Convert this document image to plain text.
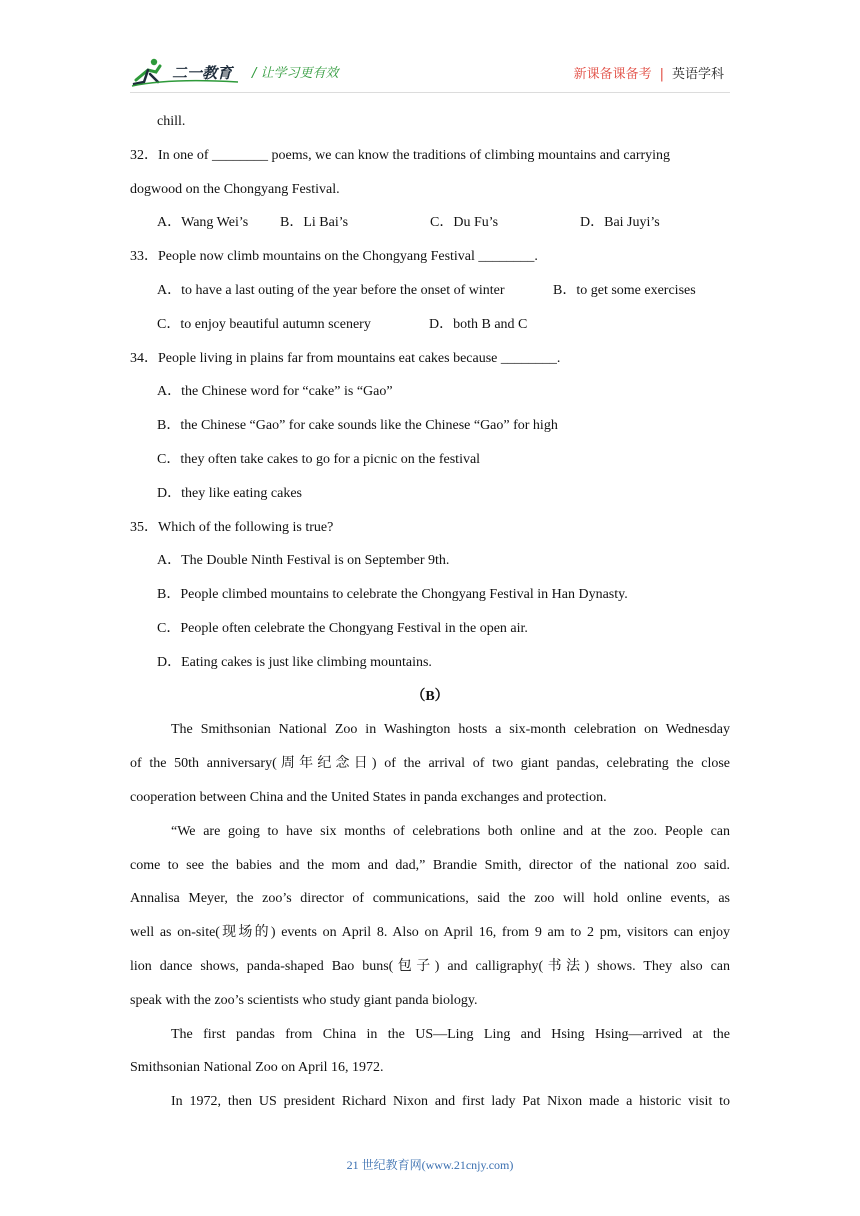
二一教育 / 让学习更有效	新课备课备考 | 英语学科
chill.
32．In one of ________ poems, we can know the traditions of climbing mountains and carrying
dogwood on the Chongyang Festival.
A．Wang Wei’s B．Li Bai’s	C．Du Fu’s	D．Bai Juyi’s
33．People now climb mountains on the Chongyang Festival ________.
A．to have a last outing of the year before the onset of winter	B．to get some exercises
C．to enjoy beautiful autumn scenery	D．both B and C
34．People living in plains far from mountains eat cakes because ________.
A．the Chinese word for “cake” is “Gao”
B．the Chinese “Gao” for cake sounds like the Chinese “Gao” for high
C．they often take cakes to go for a picnic on the festival
D．they like eating cakes
35．Which of the following is true?
A．The Double Ninth Festival is on September 9th.
B．People climbed mountains to celebrate the Chongyang Festival in Han Dynasty.
C．People often celebrate the Chongyang Festival in the open air.
D．Eating cakes is just like climbing mountains.
（B）
The Smithsonian National Zoo in Washington hosts a six-month celebration on Wednesday
of the 50th anniversary(周年纪念日) of the arrival of two giant pandas, celebrating the close
cooperation between China and the United States in panda exchanges and protection.
“We are going to have six months of celebrations both online and at the zoo. People can
come to see the babies and the mom and dad,” Brandie Smith, director of the national zoo said.
Annalisa Meyer, the zoo’s director of communications, said the zoo will hold online events, as
well as on-site(现场的) events on April 8. Also on April 16, from 9 am to 2 pm, visitors can enjoy
lion dance shows, panda-shaped Bao buns(包子) and calligraphy(书法) shows. They also can
speak with the zoo’s scientists who study giant panda biology.
The first pandas from China in the US—Ling Ling and Hsing Hsing—arrived at the
Smithsonian National Zoo on April 16, 1972.
In 1972, then US president Richard Nixon and first lady Pat Nixon made a historic visit to
21 世纪教育网(www.21cnjy.com)
